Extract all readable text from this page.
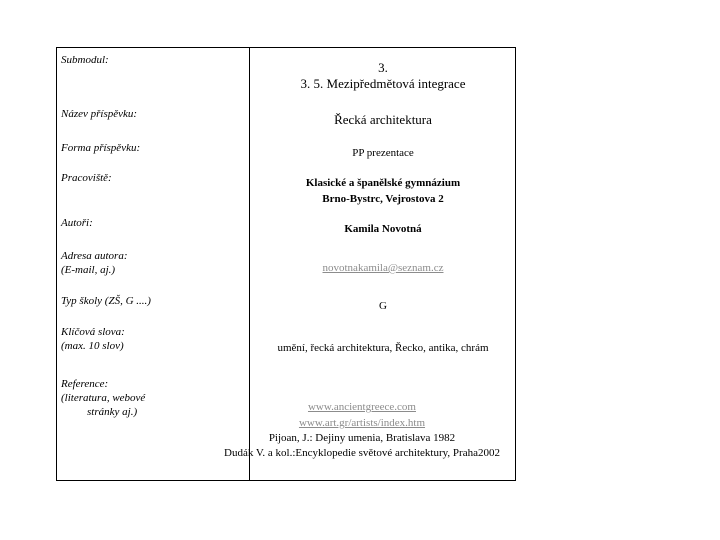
Submodul:	3.
3. 5. Mezipředmětová integrace
Název příspěvku:	Řecká architektura
Forma příspěvku:	PP prezentace
Pracoviště:	Klasické a španělské gymnázium
Brno-Bystrc, Vejrostova 2
Autoři:	Kamila Novotná
Adresa autora:
(E-mail, aj.)	novotnakamila@seznam.cz
Typ školy (ZŠ, G ....)	G
Klíčová slova:
(max. 10 slov)	umění, řecká architektura, Řecko, antika, chrám
Reference:
(literatura, webové
stránky aj.)	www.ancientgreece.com
www.art.gr/artists/index.htm
Pijoan, J.: Dejiny umenia, Bratislava 1982
Dudák V. a kol.:Encyklopedie světové architektury, Praha2002
